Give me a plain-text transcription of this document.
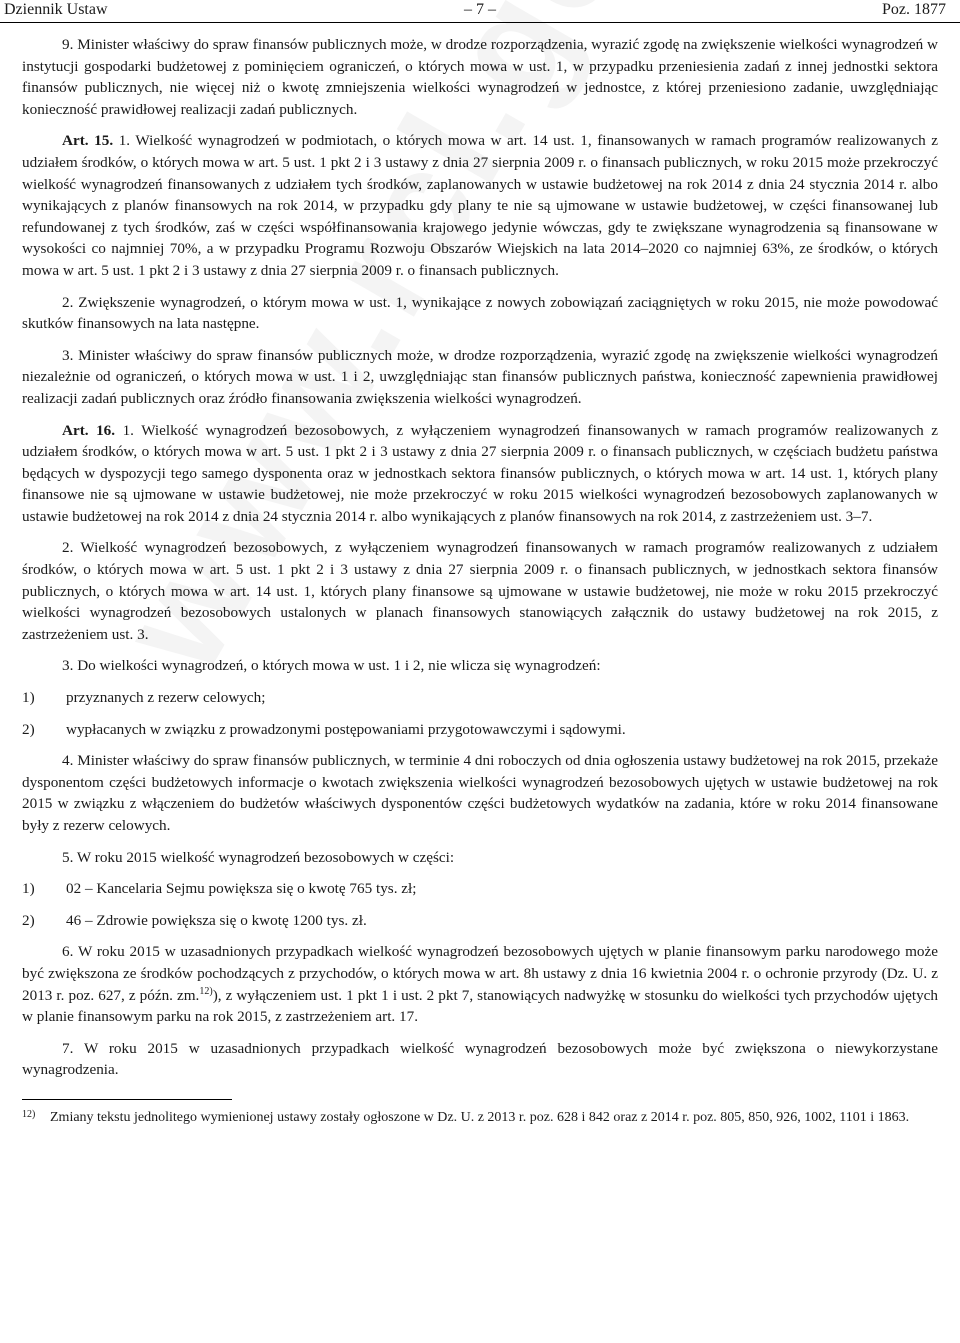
Dziennik Ustaw	– 7 –	Poz. 1877

9. Minister właściwy do spraw finansów publicznych może, w drodze rozporządzenia, wyrazić zgodę na zwiększenie wielkości wynagrodzeń w instytucji gospodarki budżetowej z pominięciem ograniczeń, o których mowa w ust. 1, w przypadku przeniesienia zadań z innej jednostki sektora finansów publicznych, nie więcej niż o kwotę zmniejszenia wielkości wynagrodzeń w jednostce, z której przeniesiono zadanie, uwzględniając konieczność prawidłowej realizacji zadań publicznych.

Art. 15. 1. Wielkość wynagrodzeń w podmiotach, o których mowa w art. 14 ust. 1, finansowanych w ramach programów realizowanych z udziałem środków, o których mowa w art. 5 ust. 1 pkt 2 i 3 ustawy z dnia 27 sierpnia 2009 r. o finansach publicznych, w roku 2015 może przekroczyć wielkość wynagrodzeń finansowanych z udziałem tych środków, zaplanowanych w ustawie budżetowej na rok 2014 z dnia 24 stycznia 2014 r. albo wynikających z planów finansowych na rok 2014, w przypadku gdy plany te nie są ujmowane w ustawie budżetowej, w części finansowanej lub refundowanej z tych środków, zaś w części współfinansowania krajowego jedynie wówczas, gdy te zwiększane wynagrodzenia są finansowane w wysokości co najmniej 70%, a w przypadku Programu Rozwoju Obszarów Wiejskich na lata 2014–2020 co najmniej 63%, ze środków, o których mowa w art. 5 ust. 1 pkt 2 i 3 ustawy z dnia 27 sierpnia 2009 r. o finansach publicznych.

2. Zwiększenie wynagrodzeń, o którym mowa w ust. 1, wynikające z nowych zobowiązań zaciągniętych w roku 2015, nie może powodować skutków finansowych na lata następne.

3. Minister właściwy do spraw finansów publicznych może, w drodze rozporządzenia, wyrazić zgodę na zwiększenie wielkości wynagrodzeń niezależnie od ograniczeń, o których mowa w ust. 1 i 2, uwzględniając stan finansów publicznych państwa, konieczność zapewnienia prawidłowej realizacji zadań publicznych oraz źródło finansowania zwiększenia wielkości wynagrodzeń.

Art. 16. 1. Wielkość wynagrodzeń bezosobowych, z wyłączeniem wynagrodzeń finansowanych w ramach programów realizowanych z udziałem środków, o których mowa w art. 5 ust. 1 pkt 2 i 3 ustawy z dnia 27 sierpnia 2009 r. o finansach publicznych, w częściach budżetu państwa będących w dyspozycji tego samego dysponenta oraz w jednostkach sektora finansów publicznych, o których mowa w art. 14 ust. 1, których plany finansowe nie są ujmowane w ustawie budżetowej, nie może przekroczyć w roku 2015 wielkości wynagrodzeń bezosobowych zaplanowanych w ustawie budżetowej na rok 2014 z dnia 24 stycznia 2014 r. albo wynikających z planów finansowych na rok 2014, z zastrzeżeniem ust. 3–7.

2. Wielkość wynagrodzeń bezosobowych, z wyłączeniem wynagrodzeń finansowanych w ramach programów realizowanych z udziałem środków, o których mowa w art. 5 ust. 1 pkt 2 i 3 ustawy z dnia 27 sierpnia 2009 r. o finansach publicznych, w jednostkach sektora finansów publicznych, o których mowa w art. 14 ust. 1, których plany finansowe są ujmowane w ustawie budżetowej, nie może w roku 2015 przekroczyć wielkości wynagrodzeń bezosobowych ustalonych w planach finansowych stanowiących załącznik do ustawy budżetowej na rok 2015, z zastrzeżeniem ust. 3.

3. Do wielkości wynagrodzeń, o których mowa w ust. 1 i 2, nie wlicza się wynagrodzeń:

1)	przyznanych z rezerw celowych;
2)	wypłacanych w związku z prowadzonymi postępowaniami przygotowawczymi i sądowymi.

4. Minister właściwy do spraw finansów publicznych, w terminie 4 dni roboczych od dnia ogłoszenia ustawy budżetowej na rok 2015, przekaże dysponentom części budżetowych informacje o kwotach zwiększenia wielkości wynagrodzeń bezosobowych ujętych w ustawie budżetowej na rok 2015 w związku z włączeniem do budżetów właściwych dysponentów części budżetowych wydatków na zadania, które w roku 2014 finansowane były z rezerw celowych.

5. W roku 2015 wielkość wynagrodzeń bezosobowych w części:

1)	02 – Kancelaria Sejmu powiększa się o kwotę 765 tys. zł;
2)	46 – Zdrowie powiększa się o kwotę 1200 tys. zł.

6. W roku 2015 w uzasadnionych przypadkach wielkość wynagrodzeń bezosobowych ujętych w planie finansowym parku narodowego może być zwiększona ze środków pochodzących z przychodów, o których mowa w art. 8h ustawy z dnia 16 kwietnia 2004 r. o ochronie przyrody (Dz. U. z 2013 r. poz. 627, z późn. zm.$^{12)}$), z wyłączeniem ust. 1 pkt 1 i ust. 2 pkt 7, stanowiących nadwyżkę w stosunku do wielkości tych przychodów ujętych w planie finansowym parku na rok 2015, z zastrzeżeniem art. 17.

7. W roku 2015 w uzasadnionych przypadkach wielkość wynagrodzeń bezosobowych może być zwiększona o niewykorzystane wynagrodzenia.

12)	Zmiany tekstu jednolitego wymienionej ustawy zostały ogłoszone w Dz. U. z 2013 r. poz. 628 i 842 oraz z 2014 r. poz. 805, 850, 926, 1002, 1101 i 1863.
